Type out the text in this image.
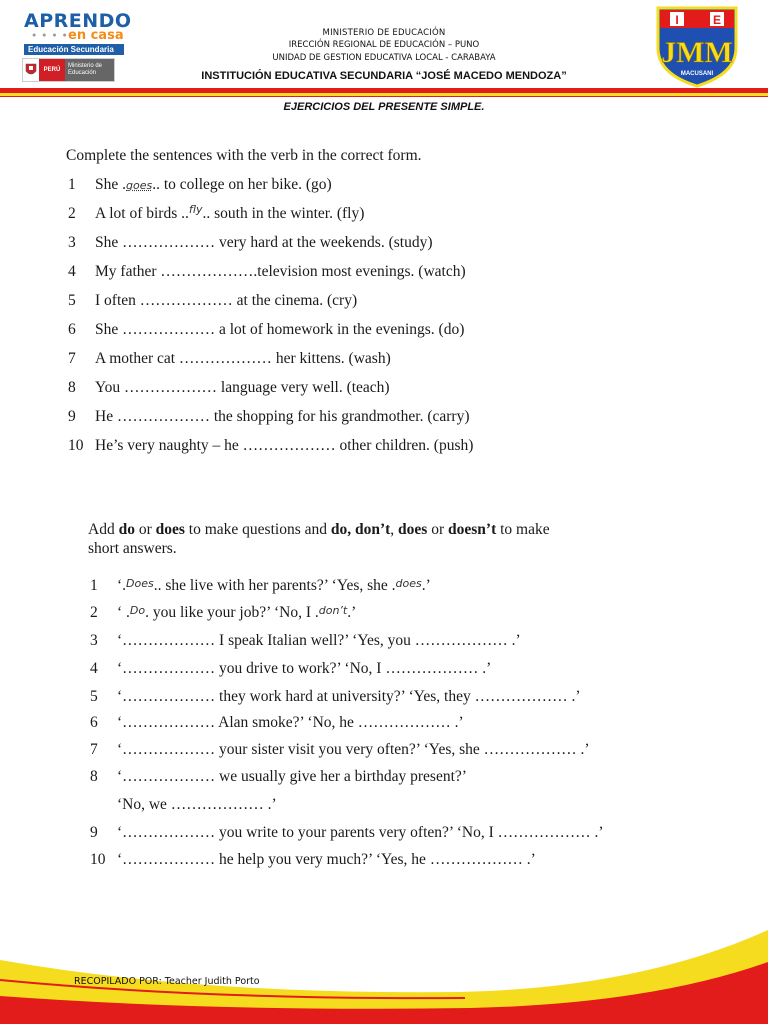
APRENDO
● ● ● ● en casa
Educación Secundaria
PERÚ
Ministerio de Educación
MINISTERIO DE EDUCACIÓN
IRECCIÓN REGIONAL DE EDUCACIÓN – PUNO
UNIDAD DE GESTION EDUCATIVA LOCAL - CARABAYA
INSTITUCIÓN EDUCATIVA SECUNDARIA “JOSÉ MACEDO MENDOZA”
I	E
JMM
MACUSANI
EJERCICIOS DEL PRESENTE SIMPLE.
Complete the sentences with the verb in the correct form.
1 She .goes.. to college on her bike. (go)
2 A lot of birds ..$^{fly}$.. south in the winter. (fly)
3 She ……………… very hard at the weekends. (study)
4 My father ……………….television most evenings. (watch)
5 I often ……………… at the cinema. (cry)
6 She ……………… a lot of homework in the evenings. (do)
7 A mother cat ……………… her kittens. (wash)
8 You ……………… language very well. (teach)
9 He ……………… the shopping for his grandmother. (carry)
10 He’s very naughty – he ……………… other children. (push)
Add do or does to make questions and do, don’t, does or doesn’t to make
short answers.
1 ‘.Does.. she live with her parents?’ ‘Yes, she .does.’
2 ‘ .Do. you like your job?’ ‘No, I .don’t.’
3 ‘……………… I speak Italian well?’ ‘Yes, you ……………… .’
4 ‘……………… you drive to work?’ ‘No, I ……………… .’
5 ‘……………… they work hard at university?’ ‘Yes, they ……………… .’
6 ‘……………… Alan smoke?’ ‘No, he ……………… .’
7 ‘……………… your sister visit you very often?’ ‘Yes, she ……………… .’
8 ‘……………… we usually give her a birthday present?’
‘No, we ……………… .’
9 ‘……………… you write to your parents very often?’ ‘No, I ……………… .’
10 ‘……………… he help you very much?’ ‘Yes, he ……………… .’
RECOPILADO POR: Teacher Judith Porto
